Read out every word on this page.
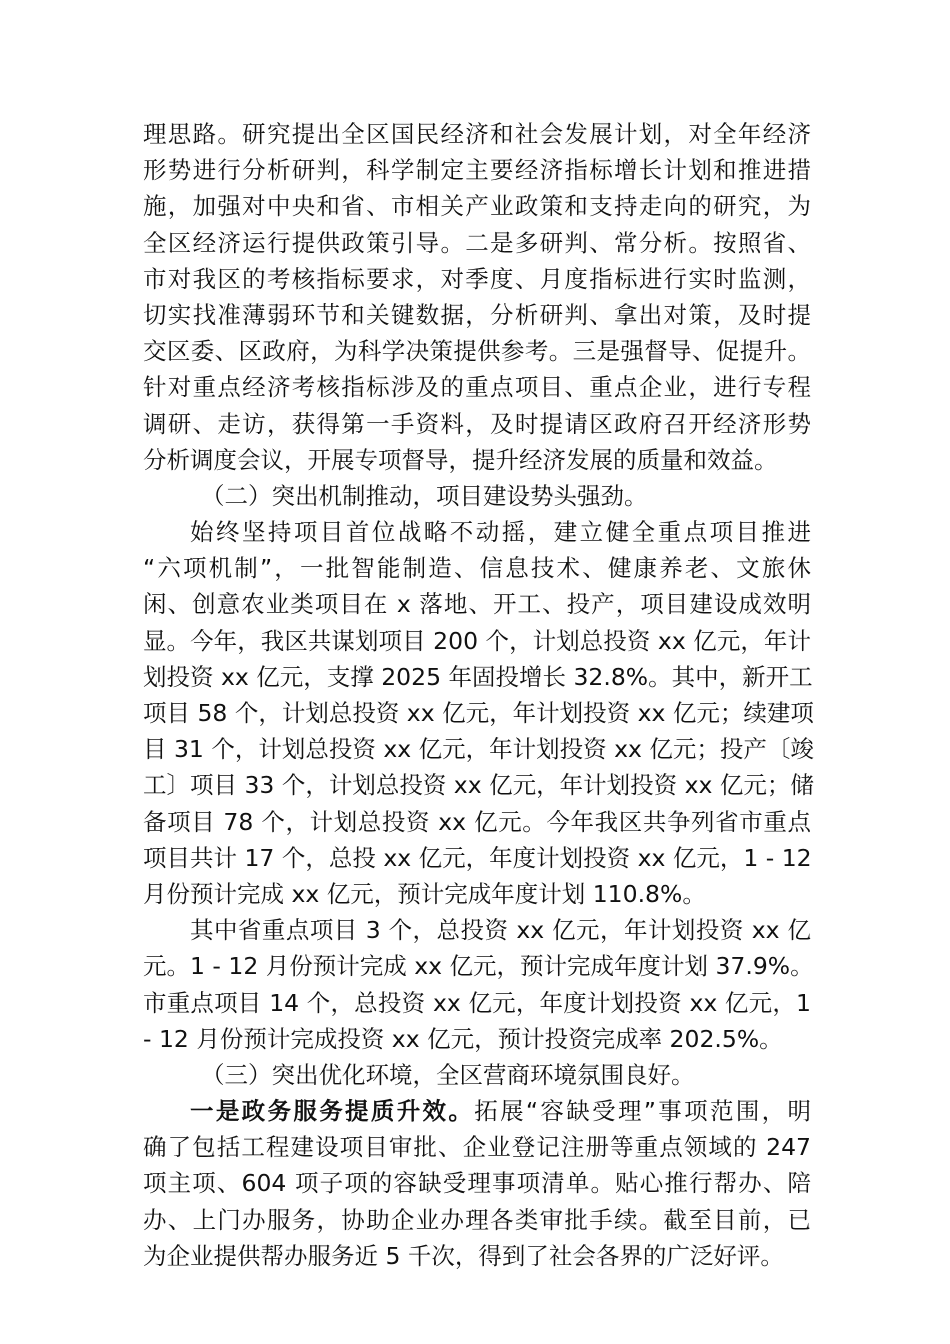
理思路。研究提出全区国民经济和社会发展计划，对全年经济
形势进行分析研判，科学制定主要经济指标增长计划和推进措
施，加强对中央和省、市相关产业政策和支持走向的研究，为
全区经济运行提供政策引导。二是多研判、常分析。按照省、
市对我区的考核指标要求，对季度、月度指标进行实时监测，
切实找准薄弱环节和关键数据，分析研判、拿出对策，及时提
交区委、区政府，为科学决策提供参考。三是强督导、促提升。
针对重点经济考核指标涉及的重点项目、重点企业，进行专程
调研、走访，获得第一手资料，及时提请区政府召开经济形势
分析调度会议，开展专项督导，提升经济发展的质量和效益。
（二）突出机制推动，项目建设势头强劲。
始终坚持项目首位战略不动摇，建立健全重点项目推进
“六项机制”，一批智能制造、信息技术、健康养老、文旅休
闲、创意农业类项目在 x 落地、开工、投产，项目建设成效明
显。今年，我区共谋划项目 200 个，计划总投资 xx 亿元，年计
划投资 xx 亿元，支撑 2025 年固投增长 32.8%。其中，新开工
项目 58 个，计划总投资 xx 亿元，年计划投资 xx 亿元；续建项
目 31 个，计划总投资 xx 亿元，年计划投资 xx 亿元；投产〔竣
工〕项目 33 个，计划总投资 xx 亿元，年计划投资 xx 亿元；储
备项目 78 个，计划总投资 xx 亿元。今年我区共争列省市重点
项目共计 17 个，总投 xx 亿元，年度计划投资 xx 亿元，1 - 12
月份预计完成 xx 亿元，预计完成年度计划 110.8%。
其中省重点项目 3 个，总投资 xx 亿元，年计划投资 xx 亿
元。1 - 12 月份预计完成 xx 亿元，预计完成年度计划 37.9%。
市重点项目 14 个，总投资 xx 亿元，年度计划投资 xx 亿元，1
- 12 月份预计完成投资 xx 亿元，预计投资完成率 202.5%。
（三）突出优化环境，全区营商环境氛围良好。
一是政务服务提质升效。拓展“容缺受理”事项范围，明
确了包括工程建设项目审批、企业登记注册等重点领域的 247
项主项、604 项子项的容缺受理事项清单。贴心推行帮办、陪
办、上门办服务，协助企业办理各类审批手续。截至目前，已
为企业提供帮办服务近 5 千次，得到了社会各界的广泛好评。
